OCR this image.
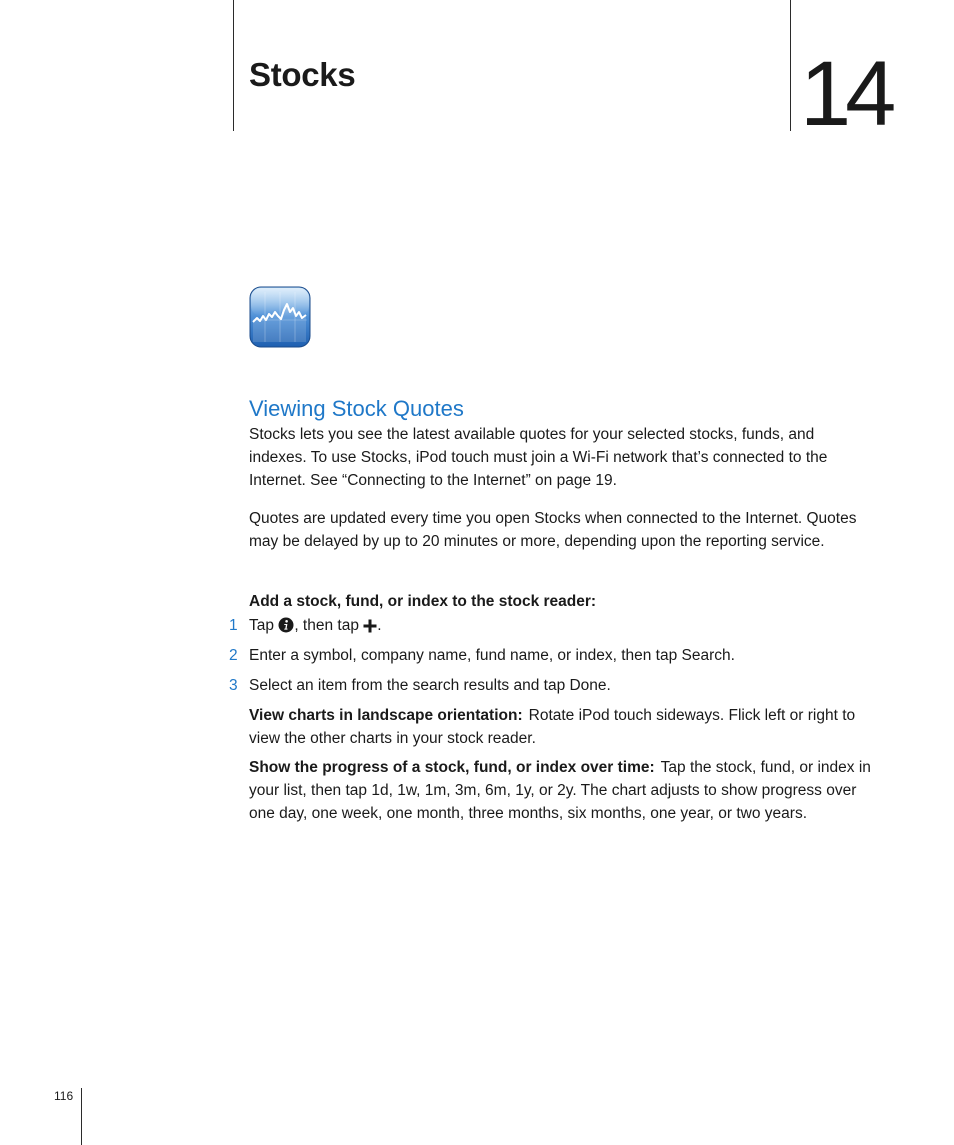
Stocks	14
Viewing Stock Quotes

Stocks lets you see the latest available quotes for your selected stocks, funds, and indexes. To use Stocks, iPod touch must join a Wi-Fi network that’s connected to the Internet. See “Connecting to the Internet” on page 19.

Quotes are updated every time you open Stocks when connected to the Internet. Quotes may be delayed by up to 20 minutes or more, depending upon the reporting service.

Add a stock, fund, or index to the stock reader:
1 Tap , then tap .
2 Enter a symbol, company name, fund name, or index, then tap Search.
3 Select an item from the search results and tap Done.

View charts in landscape orientation: Rotate iPod touch sideways. Flick left or right to view the other charts in your stock reader.

Show the progress of a stock, fund, or index over time: Tap the stock, fund, or index in your list, then tap 1d, 1w, 1m, 3m, 6m, 1y, or 2y. The chart adjusts to show progress over one day, one week, one month, three months, six months, one year, or two years.

116
